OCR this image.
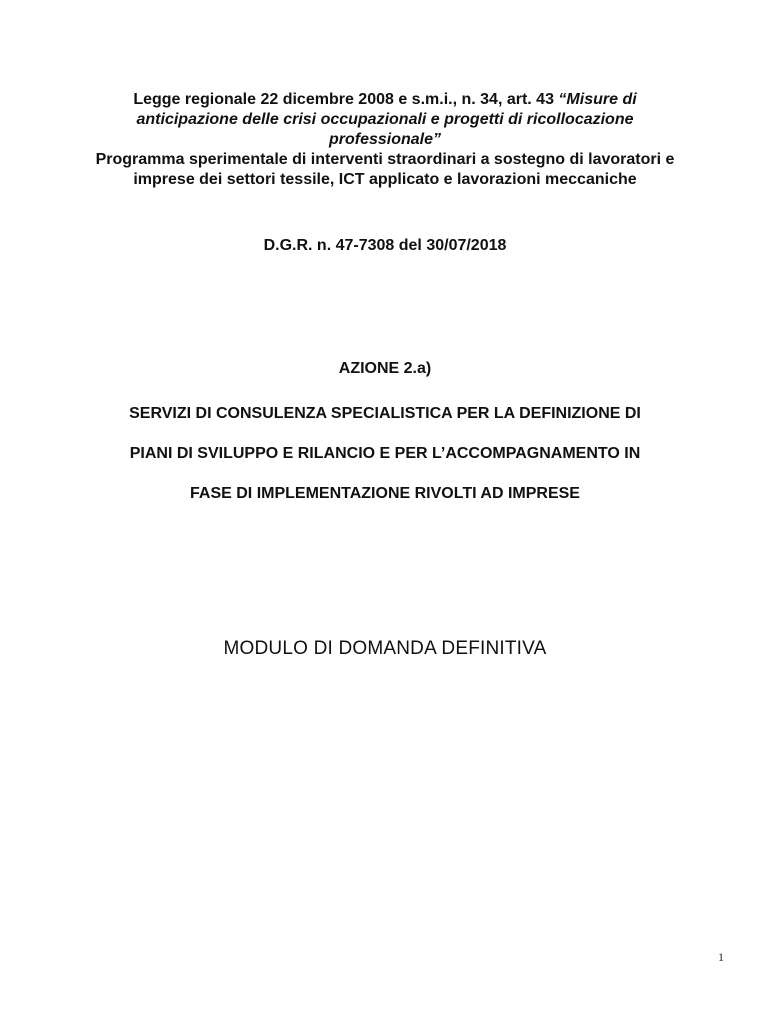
Legge regionale 22 dicembre 2008 e s.m.i., n. 34, art. 43 “Misure di anticipazione delle crisi occupazionali e progetti di ricollocazione professionale”

Programma sperimentale di interventi straordinari a sostegno di lavoratori e imprese dei settori tessile, ICT applicato e lavorazioni meccaniche

D.G.R. n. 47-7308 del 30/07/2018
AZIONE 2.a)
SERVIZI DI CONSULENZA SPECIALISTICA PER LA DEFINIZIONE DI
PIANI DI SVILUPPO E RILANCIO E PER L’ACCOMPAGNAMENTO IN
FASE DI IMPLEMENTAZIONE RIVOLTI AD IMPRESE
MODULO DI DOMANDA DEFINITIVA
1
